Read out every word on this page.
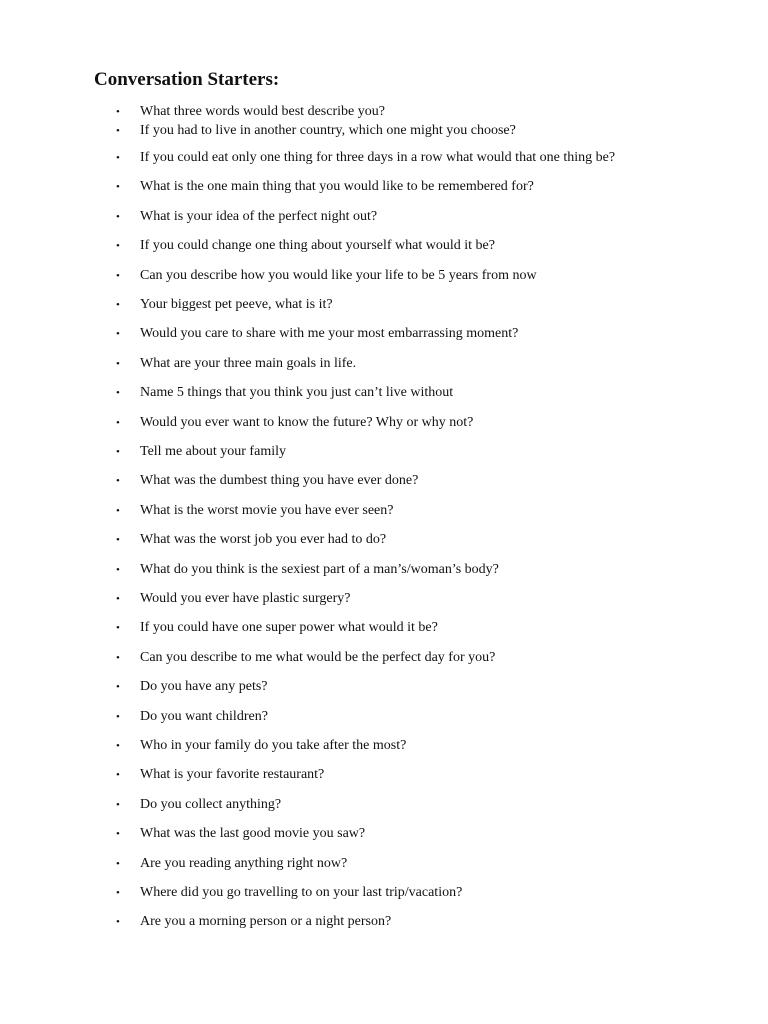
Conversation Starters:
•	What three words would best describe you?
•	If you had to live in another country, which one might you choose?
•	If you could eat only one thing for three days in a row what would that one thing be?
•	What is the one main thing that you would like to be remembered for?
•	What is your idea of the perfect night out?
•	If you could change one thing about yourself what would it be?
•	Can you describe how you would like your life to be 5 years from now
•	Your biggest pet peeve, what is it?
•	Would you care to share with me your most embarrassing moment?
•	What are your three main goals in life.
•	Name 5 things that you think you just can’t live without
•	Would you ever want to know the future? Why or why not?
•	Tell me about your family
•	What was the dumbest thing you have ever done?
•	What is the worst movie you have ever seen?
•	What was the worst job you ever had to do?
•	What do you think is the sexiest part of a man’s/woman’s body?
•	Would you ever have plastic surgery?
•	If you could have one super power what would it be?
•	Can you describe to me what would be the perfect day for you?
•	Do you have any pets?
•	Do you want children?
•	Who in your family do you take after the most?
•	What is your favorite restaurant?
•	Do you collect anything?
•	What was the last good movie you saw?
•	Are you reading anything right now?
•	Where did you go travelling to on your last trip/vacation?
•	Are you a morning person or a night person?
